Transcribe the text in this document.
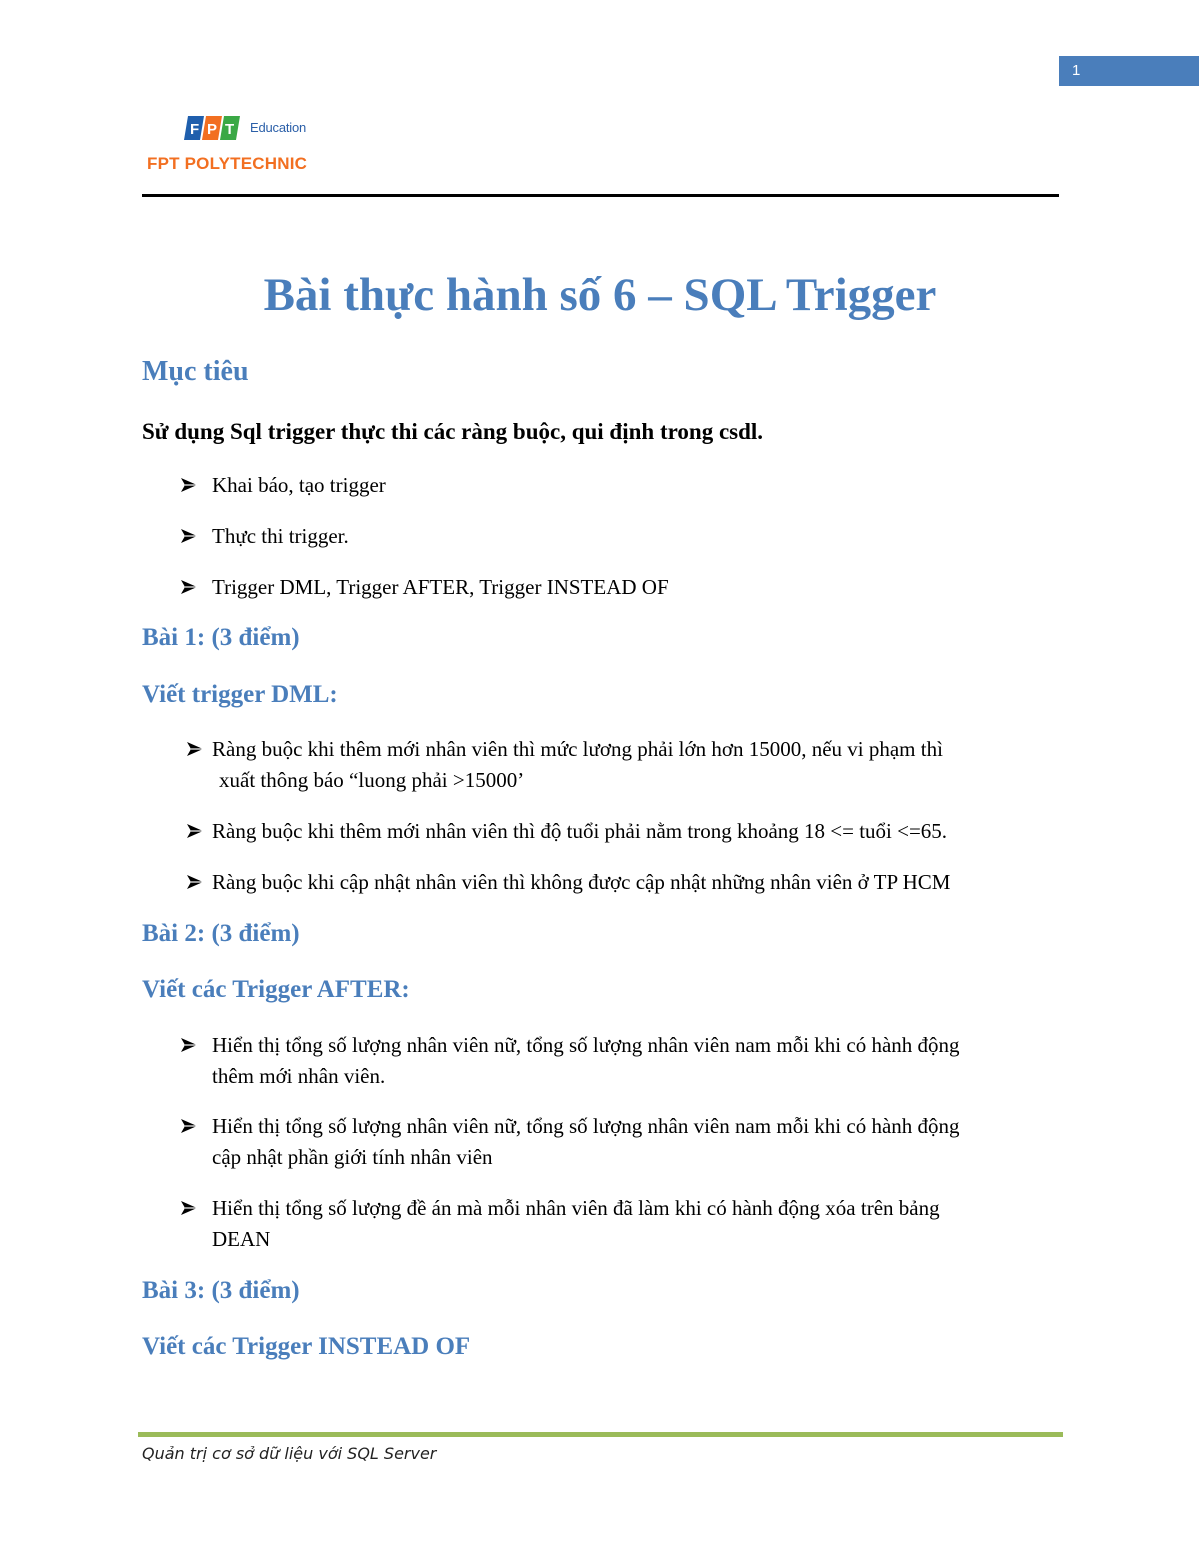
1
F P T Education
FPT POLYTECHNIC
Bài thực hành số 6 – SQL Trigger
Mục tiêu

Sử dụng Sql trigger thực thi các ràng buộc, qui định trong csdl.

Khai báo, tạo trigger
Thực thi trigger.
Trigger DML, Trigger AFTER, Trigger INSTEAD OF
Bài 1: (3 điểm)
Viết trigger DML:
Ràng buộc khi thêm mới nhân viên thì mức lương phải lớn hơn 15000, nếu vi phạm thì
xuất thông báo “luong phải >15000’
Ràng buộc khi thêm mới nhân viên thì độ tuổi phải nằm trong khoảng 18 <= tuổi <=65.
Ràng buộc khi cập nhật nhân viên thì không được cập nhật những nhân viên ở TP HCM
Bài 2: (3 điểm)
Viết các Trigger AFTER:
Hiển thị tổng số lượng nhân viên nữ, tổng số lượng nhân viên nam mỗi khi có hành động
thêm mới nhân viên.
Hiển thị tổng số lượng nhân viên nữ, tổng số lượng nhân viên nam mỗi khi có hành động
cập nhật phần giới tính nhân viên
Hiển thị tổng số lượng đề án mà mỗi nhân viên đã làm khi có hành động xóa trên bảng
DEAN
Bài 3: (3 điểm)
Viết các Trigger INSTEAD OF
Quản trị cơ sở dữ liệu với SQL Server
